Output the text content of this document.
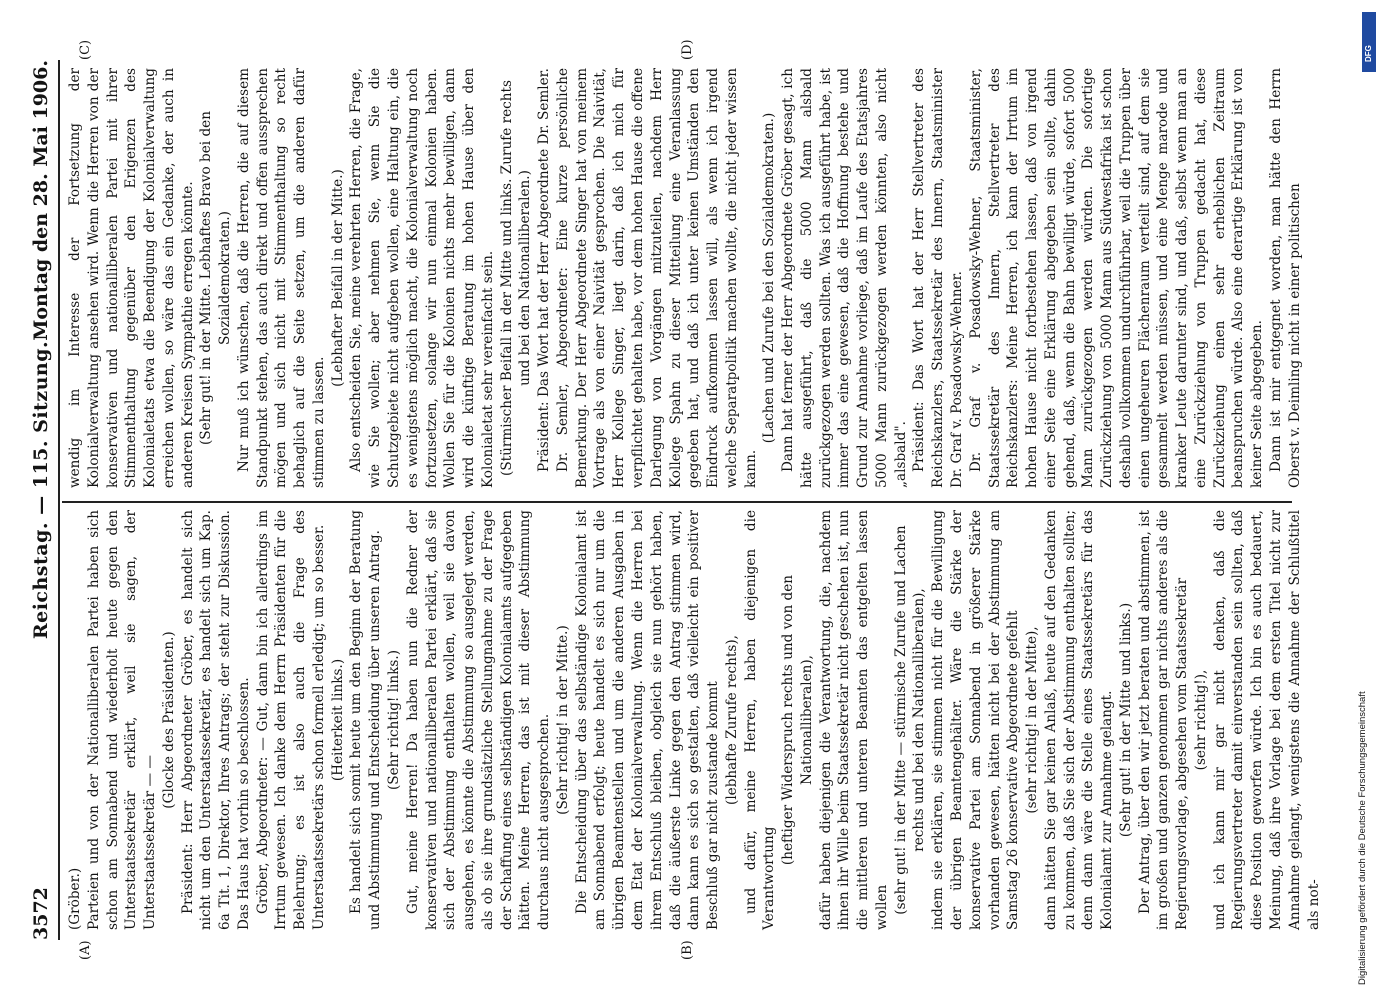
3572
Reichstag. — 115. Sitzung.
Montag den 28. Mai 1906.
(A)	(B)
(C)	(D)

(Gröber.) Parteien und von der Nationalliberalen Partei haben sich schon am Sonnabend und wiederholt heute gegen den Unterstaatssekretär erklärt, weil sie sagen, der Unterstaatssekretär — —

(Glocke des Präsidenten.) Präsident: Herr Abgeordneter Gröber, es handelt sich nicht um den Unterstaatssekretär, es handelt sich um Kap. 6a Tit. 1, Direktor, Ihres Antrags; der steht zur Diskussion. Das Haus hat vorhin so beschlossen. Gröber, Abgeordneter: — Gut, dann bin ich allerdings im Irrtum gewesen. Ich danke dem Herrn Präsidenten für die Belehrung; es ist also auch die Frage des Unterstaatssekretärs schon formell erledigt; um so besser. (Heiterkeit links.) Es handelt sich somit heute um den Beginn der Beratung und Abstimmung und Entscheidung über unseren Antrag. (Sehr richtig! links.) Gut, meine Herren! Da haben nun die Redner der konservativen und nationalliberalen Partei erklärt, daß sie sich der Abstimmung enthalten wollen, weil sie davon ausgehen, es könnte die Abstimmung so ausgelegt werden, als ob sie ihre grundsätzliche Stellungnahme zu der Frage der Schaffung eines selbständigen Kolonialamts aufgegeben hätten. Meine Herren, das ist mit dieser Abstimmung durchaus nicht ausgesprochen. (Sehr richtig! in der Mitte.) Die Entscheidung über das selbständige Kolonialamt ist am Sonnabend erfolgt; heute handelt es sich nur um die übrigen Beamtenstellen und um die anderen Ausgaben in dem Etat der Kolonialverwaltung. Wenn die Herren bei ihrem Entschluß bleiben, obgleich sie nun gehört haben, daß die äußerste Linke gegen den Antrag stimmen wird, dann kann es sich so gestalten, daß vielleicht ein positiver Beschluß gar nicht zustande kommt (lebhafte Zurufe rechts), und dafür, meine Herren, haben diejenigen die Verantwortung

(heftiger Widerspruch rechts und von den Nationalliberalen), dafür haben diejenigen die Verantwortung, die, nachdem ihnen ihr Wille beim Staatssekretär nicht geschehen ist, nun die mittleren und unteren Beamten das entgelten lassen wollen (sehr gut! in der Mitte — stürmische Zurufe und Lachen rechts und bei den Nationalliberalen), indem sie erklären, sie stimmen nicht für die Bewilligung der übrigen Beamtengehälter. Wäre die Stärke der konservative Partei am Sonnabend in größerer Stärke vorhanden gewesen, hätten nicht bei der Abstimmung am Samstag 26 konservative Abgeordnete gefehlt (sehr richtig! in der Mitte), dann hätten Sie gar keinen Anlaß, heute auf den Gedanken zu kommen, daß Sie sich der Abstimmung enthalten sollten; denn dann wäre die Stelle eines Staatssekretärs für das Kolonialamt zur Annahme gelangt. (Sehr gut! in der Mitte und links.) Der Antrag, über den wir jetzt beraten und abstimmen, ist im großen und ganzen genommen gar nichts anderes als die Regierungsvorlage, abgesehen vom Staatssekretär (sehr richtig!), und ich kann mir gar nicht denken, daß die Regierungsvertreter damit einverstanden sein sollten, daß diese Position geworfen würde. Ich bin es auch bedauert, Meinung, daß ihre Vorlage bei dem ersten Titel nicht zur Annahme gelangt, wenigstens die Annahme der Schlußtitel als not-

wendig im Interesse der Fortsetzung der Kolonialverwaltung ansehen wird. Wenn die Herren von der konservativen und nationalliberalen Partei mit ihrer Stimmenthaltung gegenüber den Erigenzen des Kolonialetats etwa die Beendigung der Kolonialverwaltung erreichen wollen, so wäre das ein Gedanke, der auch in anderen Kreisen Sympathie erregen könnte. (Sehr gut! in der Mitte. Lebhaftes Bravo bei den Sozialdemokraten.) Nur muß ich wünschen, daß die Herren, die auf diesem Standpunkt stehen, das auch direkt und offen aussprechen mögen und sich nicht mit Stimmenthaltung so recht behaglich auf die Seite setzen, um die anderen dafür stimmen zu lassen.

(Lebhafter Beifall in der Mitte.) Also entscheiden Sie, meine verehrten Herren, die Frage, wie Sie wollen; aber nehmen Sie, wenn Sie die Schutzgebiete nicht aufgeben wollen, eine Haltung ein, die es wenigstens möglich macht, die Kolonialverwaltung noch fortzusetzen, solange wir nun einmal Kolonien haben. Wollen Sie für die Kolonien nichts mehr bewilligen, dann wird die künftige Beratung im hohen Hause über den Kolonialetat sehr vereinfacht sein. (Stürmischer Beifall in der Mitte und links. Zurufe rechts und bei den Nationalliberalen.) Präsident: Das Wort hat der Herr Abgeordnete Dr. Semler. Dr. Semler, Abgeordneter: Eine kurze persönliche Bemerkung. Der Herr Abgeordnete Singer hat von meinem Vortrage als von einer Naivität gesprochen. Die Naivität, Herr Kollege Singer, liegt darin, daß ich mich für verpflichtet gehalten habe, vor dem hohen Hause die offene Darlegung von Vorgängen mitzuteilen, nachdem Herr Kollege Spahn zu dieser Mitteilung eine Veranlassung gegeben hat, und daß ich unter keinen Umständen den Eindruck aufkommen lassen will, als wenn ich irgend welche Separatpolitik machen wollte, die nicht jeder wissen kann.

(Lachen und Zurufe bei den Sozialdemokraten.) Dann hat ferner der Herr Abgeordnete Gröber gesagt, ich hätte ausgeführt, daß die 5000 Mann alsbald zurückgezogen werden sollten. Was ich ausgeführt habe, ist immer das eine gewesen, daß die Hoffnung bestehe und Grund zur Annahme vorliege, daß im Laufe des Etatsjahres 5000 Mann zurückgezogen werden könnten, also nicht „alsbald". Präsident: Das Wort hat der Herr Stellvertreter des Reichskanzlers, Staatssekretär des Innern, Staatsminister Dr. Graf v. Posadowsky-Wehner. Dr. Graf v. Posadowsky-Wehner, Staatsminister, Staatssekretär des Innern, Stellvertreter des Reichskanzlers: Meine Herren, ich kann der Irrtum im hohen Hause nicht fortbestehen lassen, daß von irgend einer Seite eine Erklärung abgegeben sein sollte, dahin gehend, daß, wenn die Bahn bewilligt würde, sofort 5000 Mann zurückgezogen werden würden. Die sofortige Zurückziehung von 5000 Mann aus Südwestafrika ist schon deshalb vollkommen undurchführbar, weil die Truppen über einen ungeheuren Flächenraum verteilt sind, auf dem sie gesammelt werden müssen, und eine Menge marode und kranker Leute darunter sind, und daß, selbst wenn man an eine Zurückziehung von Truppen gedacht hat, diese Zurückziehung einen sehr erheblichen Zeitraum beanspruchen würde. Also eine derartige Erklärung ist von keiner Seite abgegeben. Dann ist mir entgegnet worden, man hätte den Herrn Oberst v. Deimling nicht in einer politischen

DFG
Digitalisierung gefördert durch die Deutsche Forschungsgemeinschaft
